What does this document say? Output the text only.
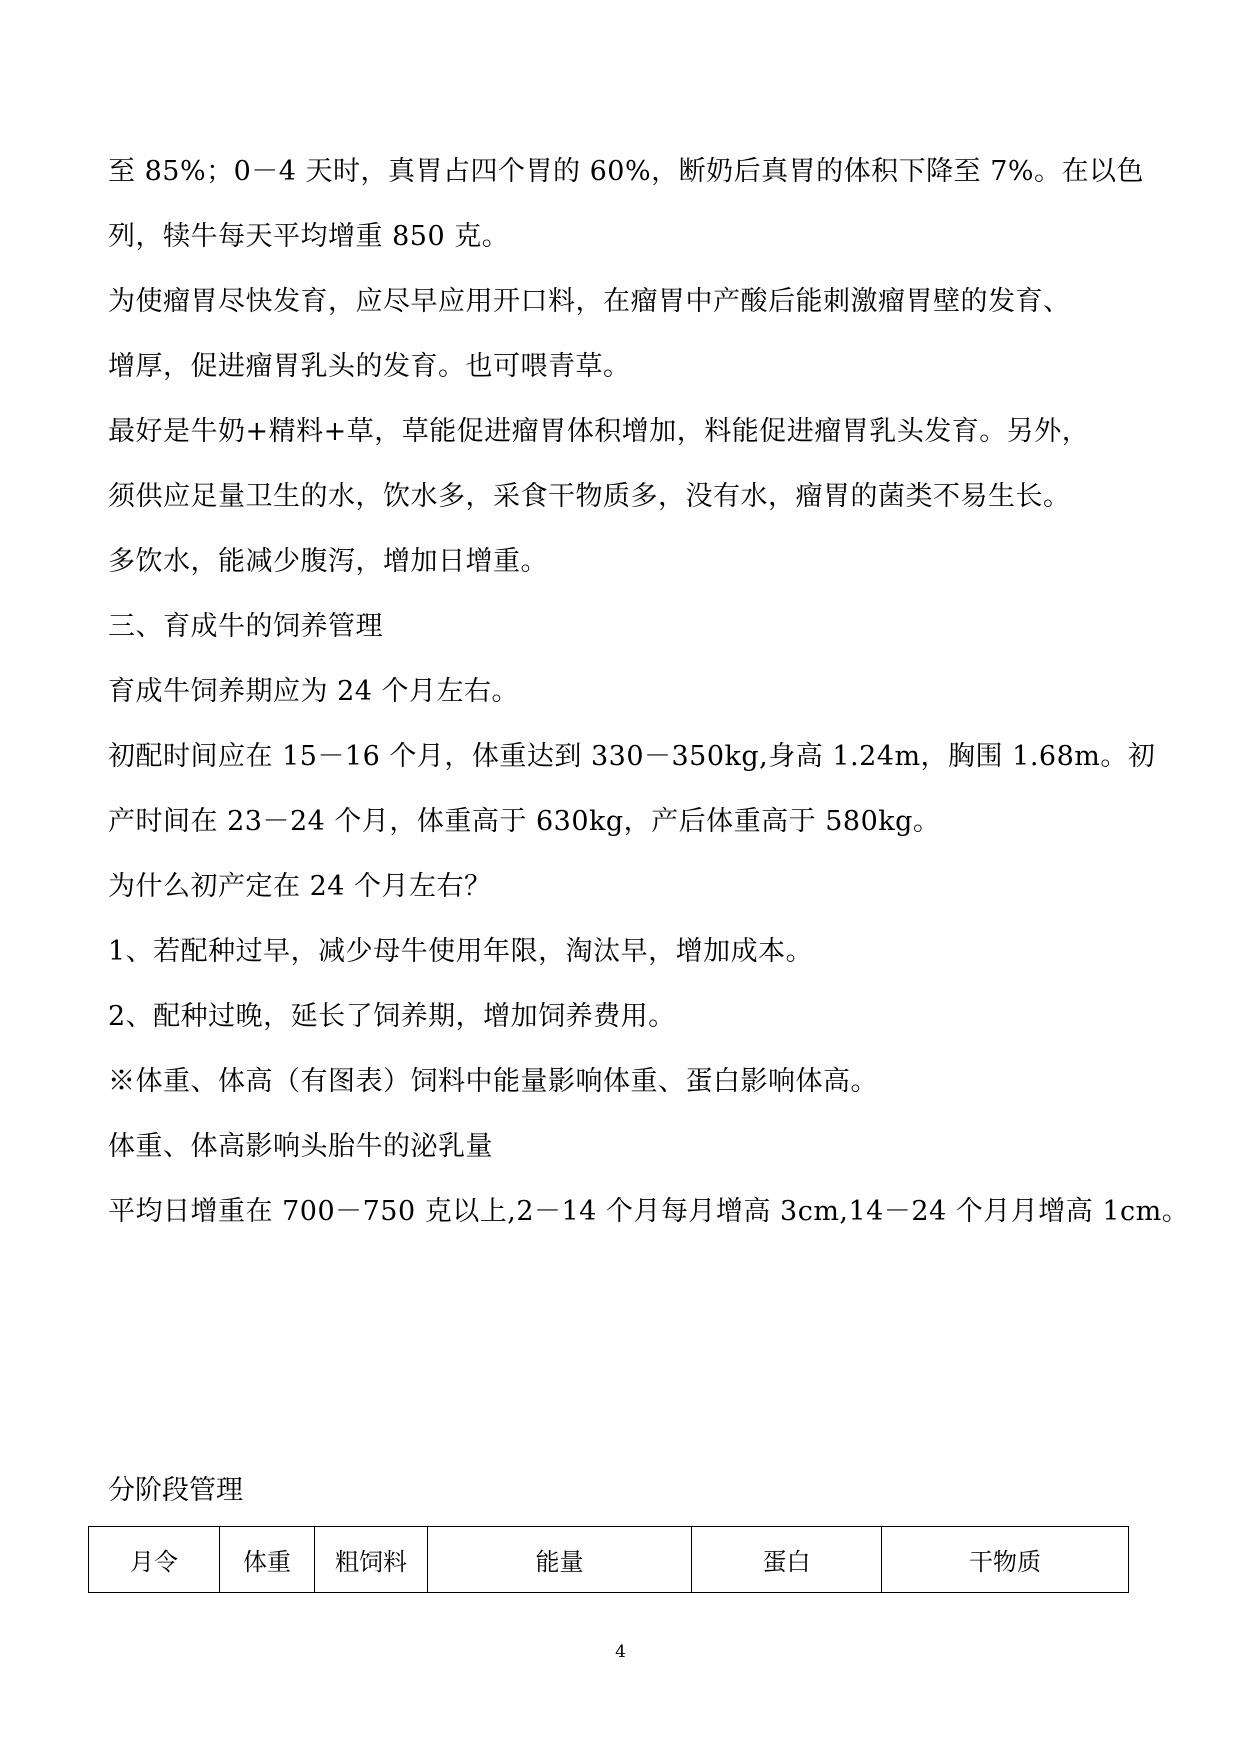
至 85%；0－4 天时，真胃占四个胃的 60%，断奶后真胃的体积下降至 7%。在以色
列，犊牛每天平均增重 850 克。
为使瘤胃尽快发育，应尽早应用开口料，在瘤胃中产酸后能刺激瘤胃壁的发育、
增厚，促进瘤胃乳头的发育。也可喂青草。
最好是牛奶+精料+草，草能促进瘤胃体积增加，料能促进瘤胃乳头发育。另外，
须供应足量卫生的水，饮水多，采食干物质多，没有水，瘤胃的菌类不易生长。
多饮水，能减少腹泻，增加日增重。
三、育成牛的饲养管理
育成牛饲养期应为 24 个月左右。
初配时间应在 15－16 个月，体重达到 330－350kg,身高 1.24m，胸围 1.68m。初
产时间在 23－24 个月，体重高于 630kg，产后体重高于 580kg。
为什么初产定在 24 个月左右？
1、若配种过早，减少母牛使用年限，淘汰早，增加成本。
2、配种过晚，延长了饲养期，增加饲养费用。
※体重、体高（有图表）饲料中能量影响体重、蛋白影响体高。
体重、体高影响头胎牛的泌乳量
平均日增重在 700－750 克以上,2－14 个月每月增高 3cm,14－24 个月月增高 1cm。
分阶段管理
月令	体重	粗饲料	能量	蛋白	干物质
4
